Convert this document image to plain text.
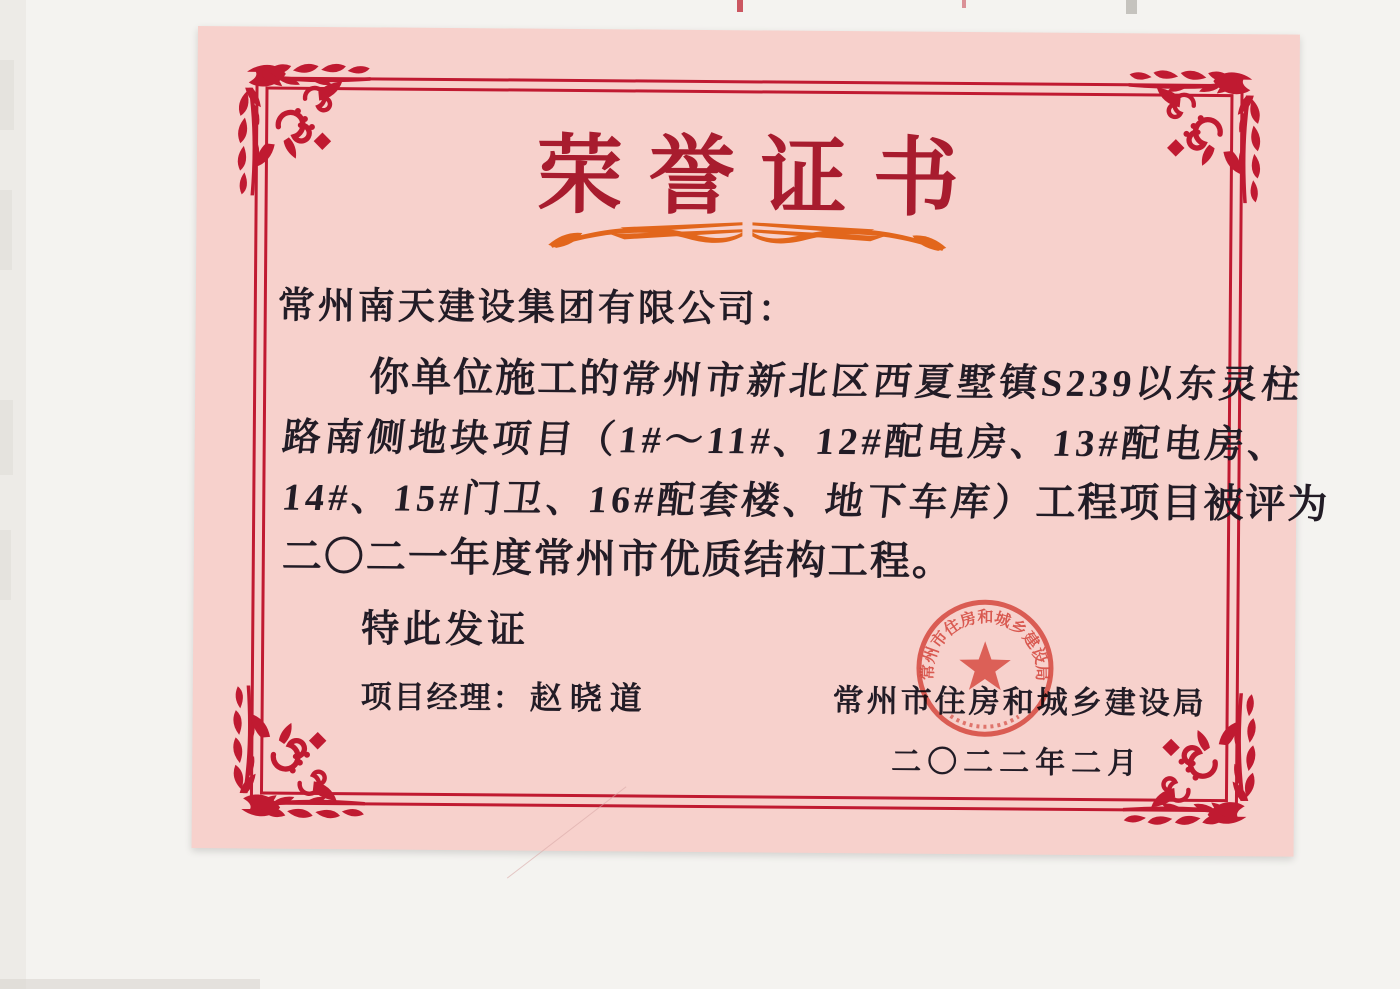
荣誉证书
常州南天建设集团有限公司：
你单位施工的常州市新北区西夏墅镇S239以东灵柱
路南侧地块项目（1#～11#、12#配电房、13#配电房、
14#、15#门卫、16#配套楼、地下车库）工程项目被评为
二〇二一年度常州市优质结构工程。
特此发证
项目经理： 赵晓道	常州市住房和城乡建设局
二〇二二年二月
常州市住房和城乡建设局
